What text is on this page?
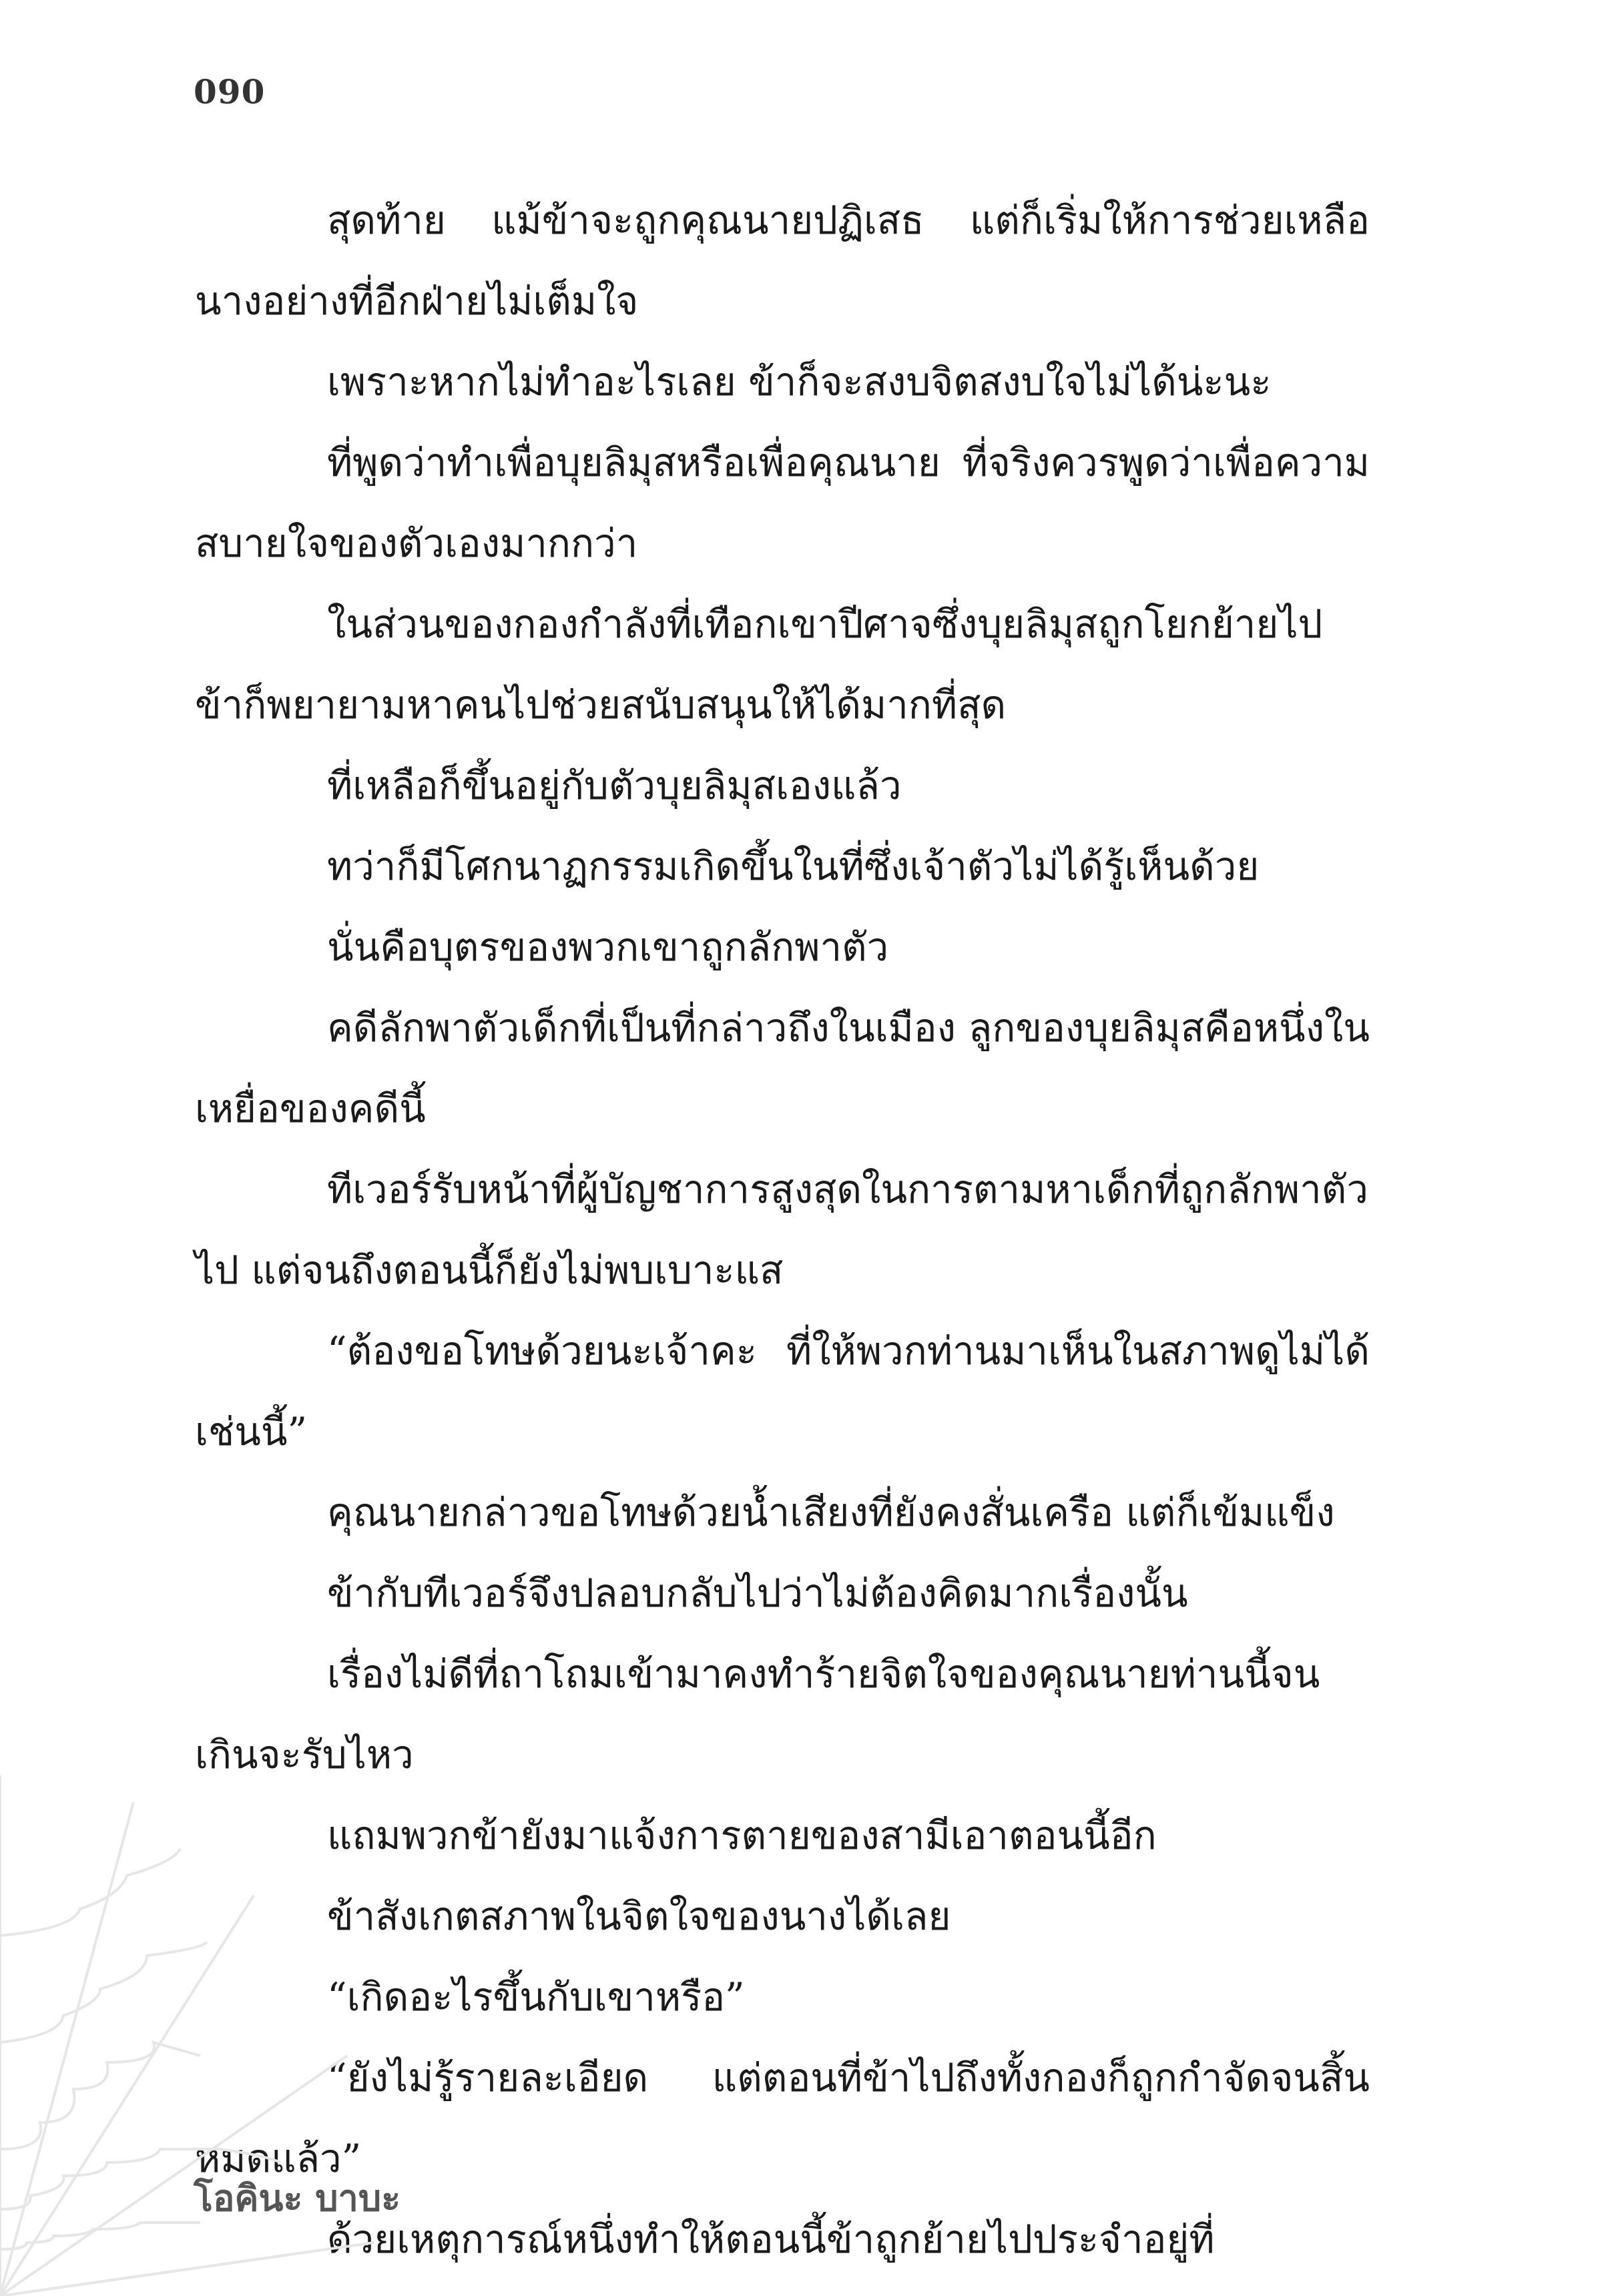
090

สุดท้าย แม้ข้าจะถูกคุณนายปฏิเสธ แต่ก็เริ่มให้การช่วยเหลือนางอย่างที่อีกฝ่ายไม่เต็มใจ

เพราะหากไม่ทำอะไรเลย ข้าก็จะสงบจิตสงบใจไม่ได้น่ะนะ

ที่พูดว่าทำเพื่อบุยลิมุสหรือเพื่อคุณนาย ที่จริงควรพูดว่าเพื่อความสบายใจของตัวเองมากกว่า

ในส่วนของกองกำลังที่เทือกเขาปีศาจซึ่งบุยลิมุสถูกโยกย้ายไป ข้าก็พยายามหาคนไปช่วยสนับสนุนให้ได้มากที่สุด

ที่เหลือก็ขึ้นอยู่กับตัวบุยลิมุสเองแล้ว

ทว่าก็มีโศกนาฏกรรมเกิดขึ้นในที่ซึ่งเจ้าตัวไม่ได้รู้เห็นด้วย

นั่นคือบุตรของพวกเขาถูกลักพาตัว

คดีลักพาตัวเด็กที่เป็นที่กล่าวถึงในเมือง ลูกของบุยลิมุสคือหนึ่งในเหยื่อของคดีนี้

ทีเวอร์รับหน้าที่ผู้บัญชาการสูงสุดในการตามหาเด็กที่ถูกลักพาตัวไป แต่จนถึงตอนนี้ก็ยังไม่พบเบาะแส

“ต้องขอโทษด้วยนะเจ้าคะ ที่ให้พวกท่านมาเห็นในสภาพดูไม่ได้เช่นนี้”

คุณนายกล่าวขอโทษด้วยน้ำเสียงที่ยังคงสั่นเครือ แต่ก็เข้มแข็ง

ข้ากับทีเวอร์จึงปลอบกลับไปว่าไม่ต้องคิดมากเรื่องนั้น

เรื่องไม่ดีที่ถาโถมเข้ามาคงทำร้ายจิตใจของคุณนายท่านนี้จนเกินจะรับไหว

แถมพวกข้ายังมาแจ้งการตายของสามีเอาตอนนี้อีก

ข้าสังเกตสภาพในจิตใจของนางได้เลย

“เกิดอะไรขึ้นกับเขาหรือ”

“ยังไม่รู้รายละเอียด แต่ตอนที่ข้าไปถึงทั้งกองก็ถูกกำจัดจนสิ้นหมดแล้ว”

ด้วยเหตุการณ์หนึ่งทำให้ตอนนี้ข้าถูกย้ายไปประจำอยู่ที่

โอคินะ บาบะ
